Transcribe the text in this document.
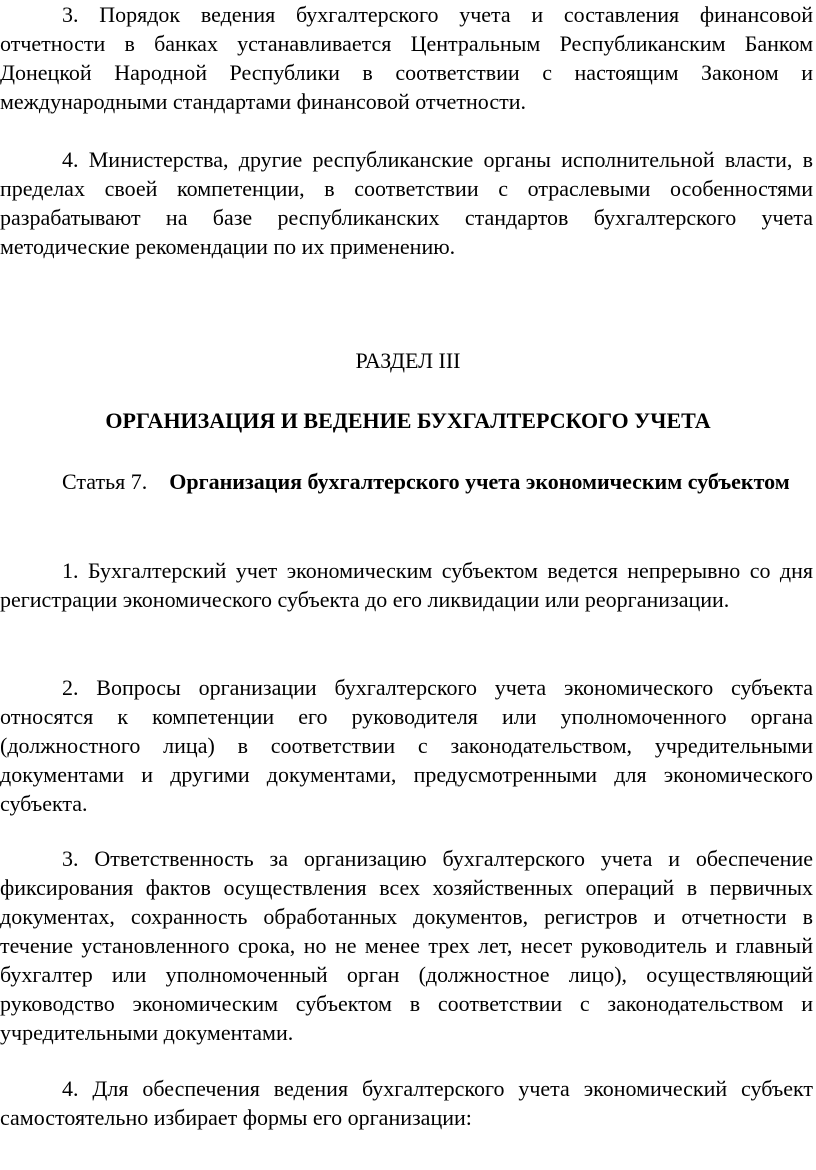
3. Порядок ведения бухгалтерского учета и составления финансовой отчетности в банках устанавливается Центральным Республиканским Банком Донецкой Народной Республики в соответствии с настоящим Законом и международными стандартами финансовой отчетности.

4. Министерства, другие республиканские органы исполнительной власти, в пределах своей компетенции, в соответствии с отраслевыми особенностями разрабатывают на базе республиканских стандартов бухгалтерского учета методические рекомендации по их применению.

РАЗДЕЛ III

ОРГАНИЗАЦИЯ И ВЕДЕНИЕ БУХГАЛТЕРСКОГО УЧЕТА

Статья 7. Организация бухгалтерского учета экономическим субъектом

1. Бухгалтерский учет экономическим субъектом ведется непрерывно со дня регистрации экономического субъекта до его ликвидации или реорганизации.

2. Вопросы организации бухгалтерского учета экономического субъекта относятся к компетенции его руководителя или уполномоченного органа (должностного лица) в соответствии с законодательством, учредительными документами и другими документами, предусмотренными для экономического субъекта.

3. Ответственность за организацию бухгалтерского учета и обеспечение фиксирования фактов осуществления всех хозяйственных операций в первичных документах, сохранность обработанных документов, регистров и отчетности в течение установленного срока, но не менее трех лет, несет руководитель и главный бухгалтер или уполномоченный орган (должностное лицо), осуществляющий руководство экономическим субъектом в соответствии с законодательством и учредительными документами.

4. Для обеспечения ведения бухгалтерского учета экономический субъект самостоятельно избирает формы его организации:
